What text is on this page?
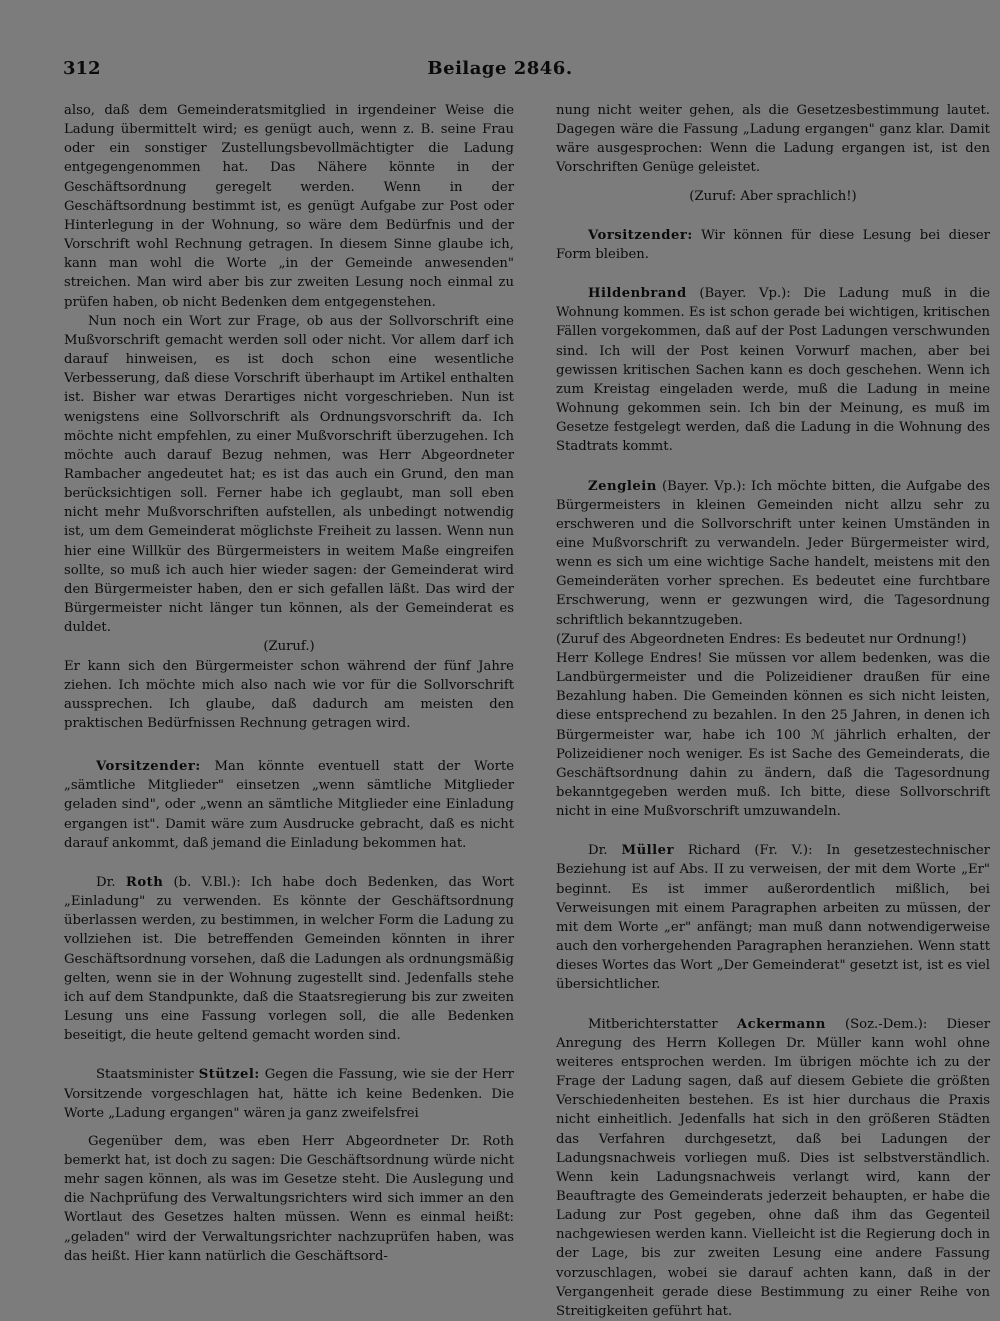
312	Beilage 2846.

also, daß dem Gemeinderatsmitglied in irgendeiner Weise die Ladung übermittelt wird; es genügt auch, wenn z. B. seine Frau oder ein sonstiger Zustellungsbevollmächtigter die Ladung entgegengenommen hat. Das Nähere könnte in der Geschäftsordnung geregelt werden. Wenn in der Geschäftsordnung bestimmt ist, es genügt Aufgabe zur Post oder Hinterlegung in der Wohnung, so wäre dem Bedürfnis und der Vorschrift wohl Rechnung getragen. In diesem Sinne glaube ich, kann man wohl die Worte „in der Gemeinde anwesenden" streichen. Man wird aber bis zur zweiten Lesung noch einmal zu prüfen haben, ob nicht Bedenken dem entgegenstehen.

Nun noch ein Wort zur Frage, ob aus der Sollvorschrift eine Mußvorschrift gemacht werden soll oder nicht. Vor allem darf ich darauf hinweisen, es ist doch schon eine wesentliche Verbesserung, daß diese Vorschrift überhaupt im Artikel enthalten ist. Bisher war etwas Derartiges nicht vorgeschrieben. Nun ist wenigstens eine Sollvorschrift als Ordnungsvorschrift da. Ich möchte nicht empfehlen, zu einer Mußvorschrift überzugehen. Ich möchte auch darauf Bezug nehmen, was Herr Abgeordneter Rambacher angedeutet hat; es ist das auch ein Grund, den man berücksichtigen soll. Ferner habe ich geglaubt, man soll eben nicht mehr Mußvorschriften aufstellen, als unbedingt notwendig ist, um dem Gemeinderat möglichste Freiheit zu lassen. Wenn nun hier eine Willkür des Bürgermeisters in weitem Maße eingreifen sollte, so muß ich auch hier wieder sagen: der Gemeinderat wird den Bürgermeister haben, den er sich gefallen läßt. Das wird der Bürgermeister nicht länger tun können, als der Gemeinderat es duldet.

(Zuruf.)

Er kann sich den Bürgermeister schon während der fünf Jahre ziehen. Ich möchte mich also nach wie vor für die Sollvorschrift aussprechen. Ich glaube, daß dadurch am meisten den praktischen Bedürfnissen Rechnung getragen wird.

Vorsitzender: Man könnte eventuell statt der Worte „sämtliche Mitglieder" einsetzen „wenn sämtliche Mitglieder geladen sind", oder „wenn an sämtliche Mitglieder eine Einladung ergangen ist". Damit wäre zum Ausdrucke gebracht, daß es nicht darauf ankommt, daß jemand die Einladung bekommen hat.

Dr. Roth (b. V.Bl.): Ich habe doch Bedenken, das Wort „Einladung" zu verwenden. Es könnte der Geschäftsordnung überlassen werden, zu bestimmen, in welcher Form die Ladung zu vollziehen ist. Die betreffenden Gemeinden könnten in ihrer Geschäftsordnung vorsehen, daß die Ladungen als ordnungsmäßig gelten, wenn sie in der Wohnung zugestellt sind. Jedenfalls stehe ich auf dem Standpunkte, daß die Staatsregierung bis zur zweiten Lesung uns eine Fassung vorlegen soll, die alle Bedenken beseitigt, die heute geltend gemacht worden sind.

Staatsminister Stützel: Gegen die Fassung, wie sie der Herr Vorsitzende vorgeschlagen hat, hätte ich keine Bedenken. Die Worte „Ladung ergangen" wären ja ganz zweifelsfrei

Gegenüber dem, was eben Herr Abgeordneter Dr. Roth bemerkt hat, ist doch zu sagen: Die Geschäftsordnung würde nicht mehr sagen können, als was im Gesetze steht. Die Auslegung und die Nachprüfung des Verwaltungsrichters wird sich immer an den Wortlaut des Gesetzes halten müssen. Wenn es einmal heißt: „geladen" wird der Verwaltungsrichter nachzuprüfen haben, was das heißt. Hier kann natürlich die Geschäftsord-

nung nicht weiter gehen, als die Gesetzesbestimmung lautet. Dagegen wäre die Fassung „Ladung ergangen" ganz klar. Damit wäre ausgesprochen: Wenn die Ladung ergangen ist, ist den Vorschriften Genüge geleistet.

(Zuruf: Aber sprachlich!)

Vorsitzender: Wir können für diese Lesung bei dieser Form bleiben.

Hildenbrand (Bayer. Vp.): Die Ladung muß in die Wohnung kommen. Es ist schon gerade bei wichtigen, kritischen Fällen vorgekommen, daß auf der Post Ladungen verschwunden sind. Ich will der Post keinen Vorwurf machen, aber bei gewissen kritischen Sachen kann es doch geschehen. Wenn ich zum Kreistag eingeladen werde, muß die Ladung in meine Wohnung gekommen sein. Ich bin der Meinung, es muß im Gesetze festgelegt werden, daß die Ladung in die Wohnung des Stadtrats kommt.

Zenglein (Bayer. Vp.): Ich möchte bitten, die Aufgabe des Bürgermeisters in kleinen Gemeinden nicht allzu sehr zu erschweren und die Sollvorschrift unter keinen Umständen in eine Mußvorschrift zu verwandeln. Jeder Bürgermeister wird, wenn es sich um eine wichtige Sache handelt, meistens mit den Gemeinderäten vorher sprechen. Es bedeutet eine furchtbare Erschwerung, wenn er gezwungen wird, die Tagesordnung schriftlich bekanntzugeben.

(Zuruf des Abgeordneten Endres: Es bedeutet nur Ordnung!)

Herr Kollege Endres! Sie müssen vor allem bedenken, was die Landbürgermeister und die Polizeidiener draußen für eine Bezahlung haben. Die Gemeinden können es sich nicht leisten, diese entsprechend zu bezahlen. In den 25 Jahren, in denen ich Bürgermeister war, habe ich 100 ℳ jährlich erhalten, der Polizeidiener noch weniger. Es ist Sache des Gemeinderats, die Geschäftsordnung dahin zu ändern, daß die Tagesordnung bekanntgegeben werden muß. Ich bitte, diese Sollvorschrift nicht in eine Mußvorschrift umzuwandeln.

Dr. Müller Richard (Fr. V.): In gesetzestechnischer Beziehung ist auf Abs. II zu verweisen, der mit dem Worte „Er" beginnt. Es ist immer außerordentlich mißlich, bei Verweisungen mit einem Paragraphen arbeiten zu müssen, der mit dem Worte „er" anfängt; man muß dann notwendigerweise auch den vorhergehenden Paragraphen heranziehen. Wenn statt dieses Wortes das Wort „Der Gemeinderat" gesetzt ist, ist es viel übersichtlicher.

Mitberichterstatter Ackermann (Soz.-Dem.): Dieser Anregung des Herrn Kollegen Dr. Müller kann wohl ohne weiteres entsprochen werden. Im übrigen möchte ich zu der Frage der Ladung sagen, daß auf diesem Gebiete die größten Verschiedenheiten bestehen. Es ist hier durchaus die Praxis nicht einheitlich. Jedenfalls hat sich in den größeren Städten das Verfahren durchgesetzt, daß bei Ladungen der Ladungsnachweis vorliegen muß. Dies ist selbstverständlich. Wenn kein Ladungsnachweis verlangt wird, kann der Beauftragte des Gemeinderats jederzeit behaupten, er habe die Ladung zur Post gegeben, ohne daß ihm das Gegenteil nachgewiesen werden kann. Vielleicht ist die Regierung doch in der Lage, bis zur zweiten Lesung eine andere Fassung vorzuschlagen, wobei sie darauf achten kann, daß in der Vergangenheit gerade diese Bestimmung zu einer Reihe von Streitigkeiten geführt hat.
